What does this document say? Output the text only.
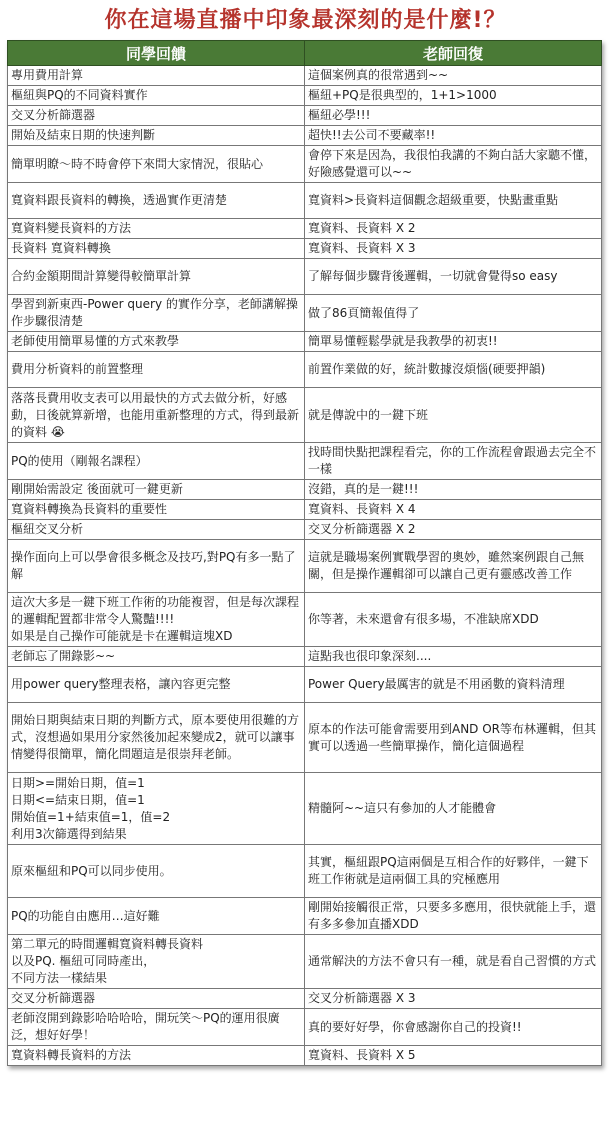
你在這場直播中印象最深刻的是什麼!？
同學回饋	老師回復
專用費用計算	這個案例真的很常遇到~~
樞紐與PQ的不同資料實作	樞紐+PQ是很典型的，1+1>1000
交叉分析篩選器	樞紐必學!!!
開始及結束日期的快速判斷	超快!!去公司不要藏率!!
簡單明瞭～時不時會停下來問大家情況，很貼心	會停下來是因為，我很怕我講的不夠白話大家聽不懂，好險感覺還可以~~
寬資料跟長資料的轉換，透過實作更清楚	寬資料>長資料這個觀念超級重要，快點畫重點
寬資料變長資料的方法	寬資料、長資料 X 2
長資料 寬資料轉換	寬資料、長資料 X 3
合約金額期間計算變得較簡單計算	了解每個步驟背後邏輯，一切就會覺得so easy
學習到新東西-Power query 的實作分享，老師講解操作步驟很清楚	做了86頁簡報值得了
老師使用簡單易懂的方式來教學	簡單易懂輕鬆學就是我教學的初衷!!
費用分析資料的前置整理	前置作業做的好，統計數據沒煩惱(硬要押韻)
落落長費用收支表可以用最快的方式去做分析，好感動，日後就算新增，也能用重新整理的方式，得到最新的資料 😭	就是傳說中的一鍵下班
PQ的使用（剛報名課程）	找時間快點把課程看完，你的工作流程會跟過去完全不一樣
剛開始需設定 後面就可一鍵更新	沒錯，真的是一鍵!!!
寬資料轉換為長資料的重要性	寬資料、長資料 X 4
樞紐交叉分析	交叉分析篩選器 X 2
操作面向上可以學會很多概念及技巧,對PQ有多一點了解	這就是職場案例實戰學習的奧妙，雖然案例跟自己無關，但是操作邏輯卻可以讓自己更有靈感改善工作
這次大多是一鍵下班工作術的功能複習，但是每次課程的邏輯配置都非常令人驚豔!!!!
如果是自己操作可能就是卡在邏輯這塊XD	你等著，未來還會有很多場，不准缺席XDD
老師忘了開錄影~~	這點我也很印象深刻....
用power query整理表格，讓內容更完整	Power Query最厲害的就是不用函數的資料清理
開始日期與結束日期的判斷方式，原本要使用很難的方式，沒想過如果用分家然後加起來變成2，就可以讓事情變得很簡單，簡化問題這是很崇拜老師。	原本的作法可能會需要用到AND OR等布林邏輯，但其實可以透過一些簡單操作，簡化這個過程
日期>=開始日期，值=1
日期<=結束日期，值=1
開始值=1+結束值=1，值=2
利用3次篩選得到結果	精髓阿~~這只有參加的人才能體會
原來樞紐和PQ可以同步使用。	其實，樞紐跟PQ這兩個是互相合作的好夥伴，一鍵下班工作術就是這兩個工具的究極應用
PQ的功能自由應用…這好難	剛開始接觸很正常，只要多多應用，很快就能上手，還有多多參加直播XDD
第二單元的時間邏輯寬資料轉長資料
以及PQ. 樞紐可同時產出，
不同方法一樣結果	通常解決的方法不會只有一種，就是看自己習慣的方式
交叉分析篩選器	交叉分析篩選器 X 3
老師沒開到錄影哈哈哈哈，開玩笑～PQ的運用很廣泛，想好好學！	真的要好好學，你會感謝你自己的投資!!
寬資料轉長資料的方法	寬資料、長資料 X 5
